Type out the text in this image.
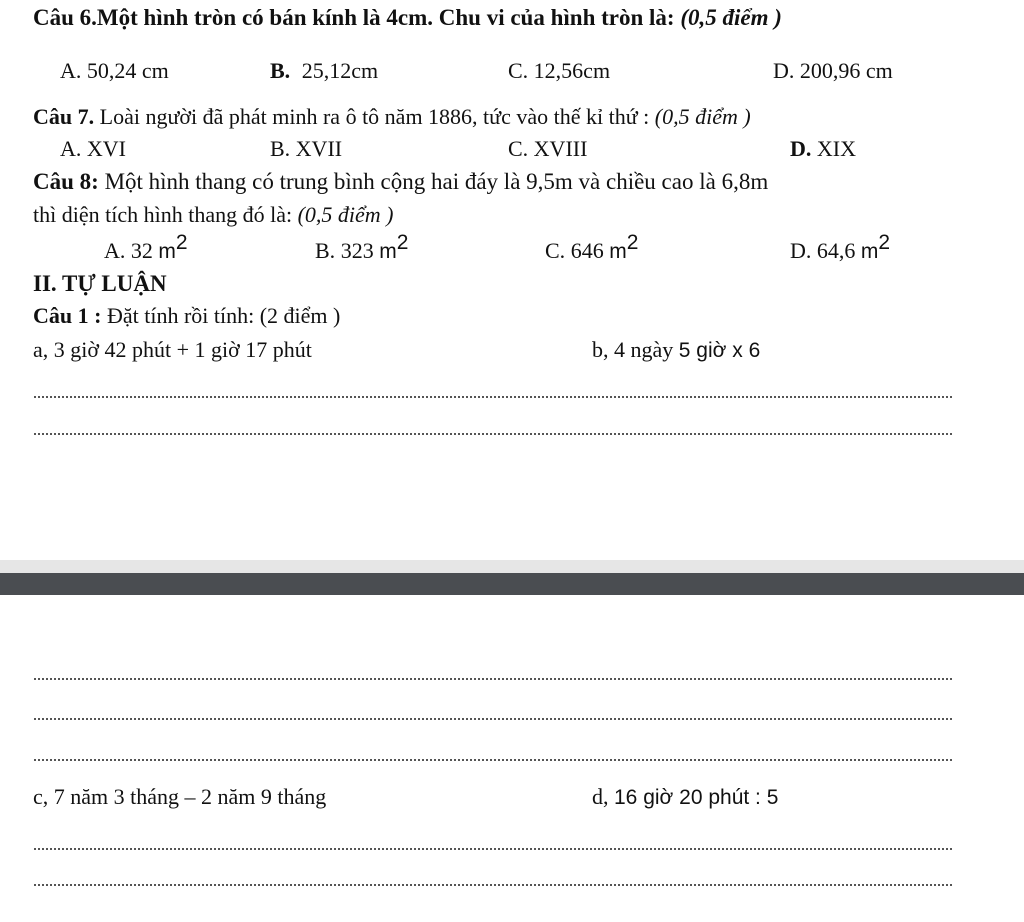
Câu 6.Một hình tròn có bán kính là 4cm. Chu vi của hình tròn là: (0,5 điểm )
A. 50,24 cm	B. 25,12cm	C. 12,56cm	D. 200,96 cm
Câu 7. Loài người đã phát minh ra ô tô năm 1886, tức vào thế kỉ thứ : (0,5 điểm )
A. XVI	B. XVII	C. XVIII	D. XIX
Câu 8: Một hình thang có trung bình cộng hai đáy là 9,5m và chiều cao là 6,8m
thì diện tích hình thang đó là: (0,5 điểm )
A. 32 $m^2$	B. 323 $m^2$	C. 646 $m^2$	D. 64,6 $m^2$
II. TỰ LUẬN
Câu 1 : Đặt tính rồi tính: (2 điểm )
a, 3 giờ 42 phút + 1 giờ 17 phút	b, 4 ngày 5 giờ x 6
c, 7 năm 3 tháng – 2 năm 9 tháng	d, 16 giờ 20 phút : 5
